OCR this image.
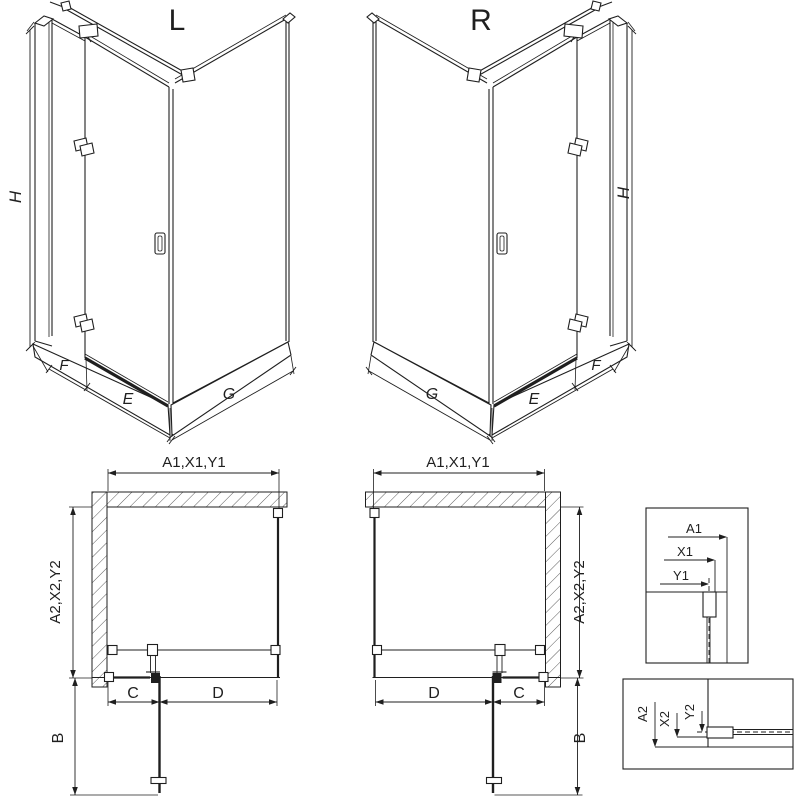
L
H
F
E	G
R
H
F
E
G
A1,X1,Y1
A2,X2,Y2
C	D
B
A1,X1,Y1
A2,X2,Y2
D	C
B
A1
X1
Y1
A2 X2 Y2
